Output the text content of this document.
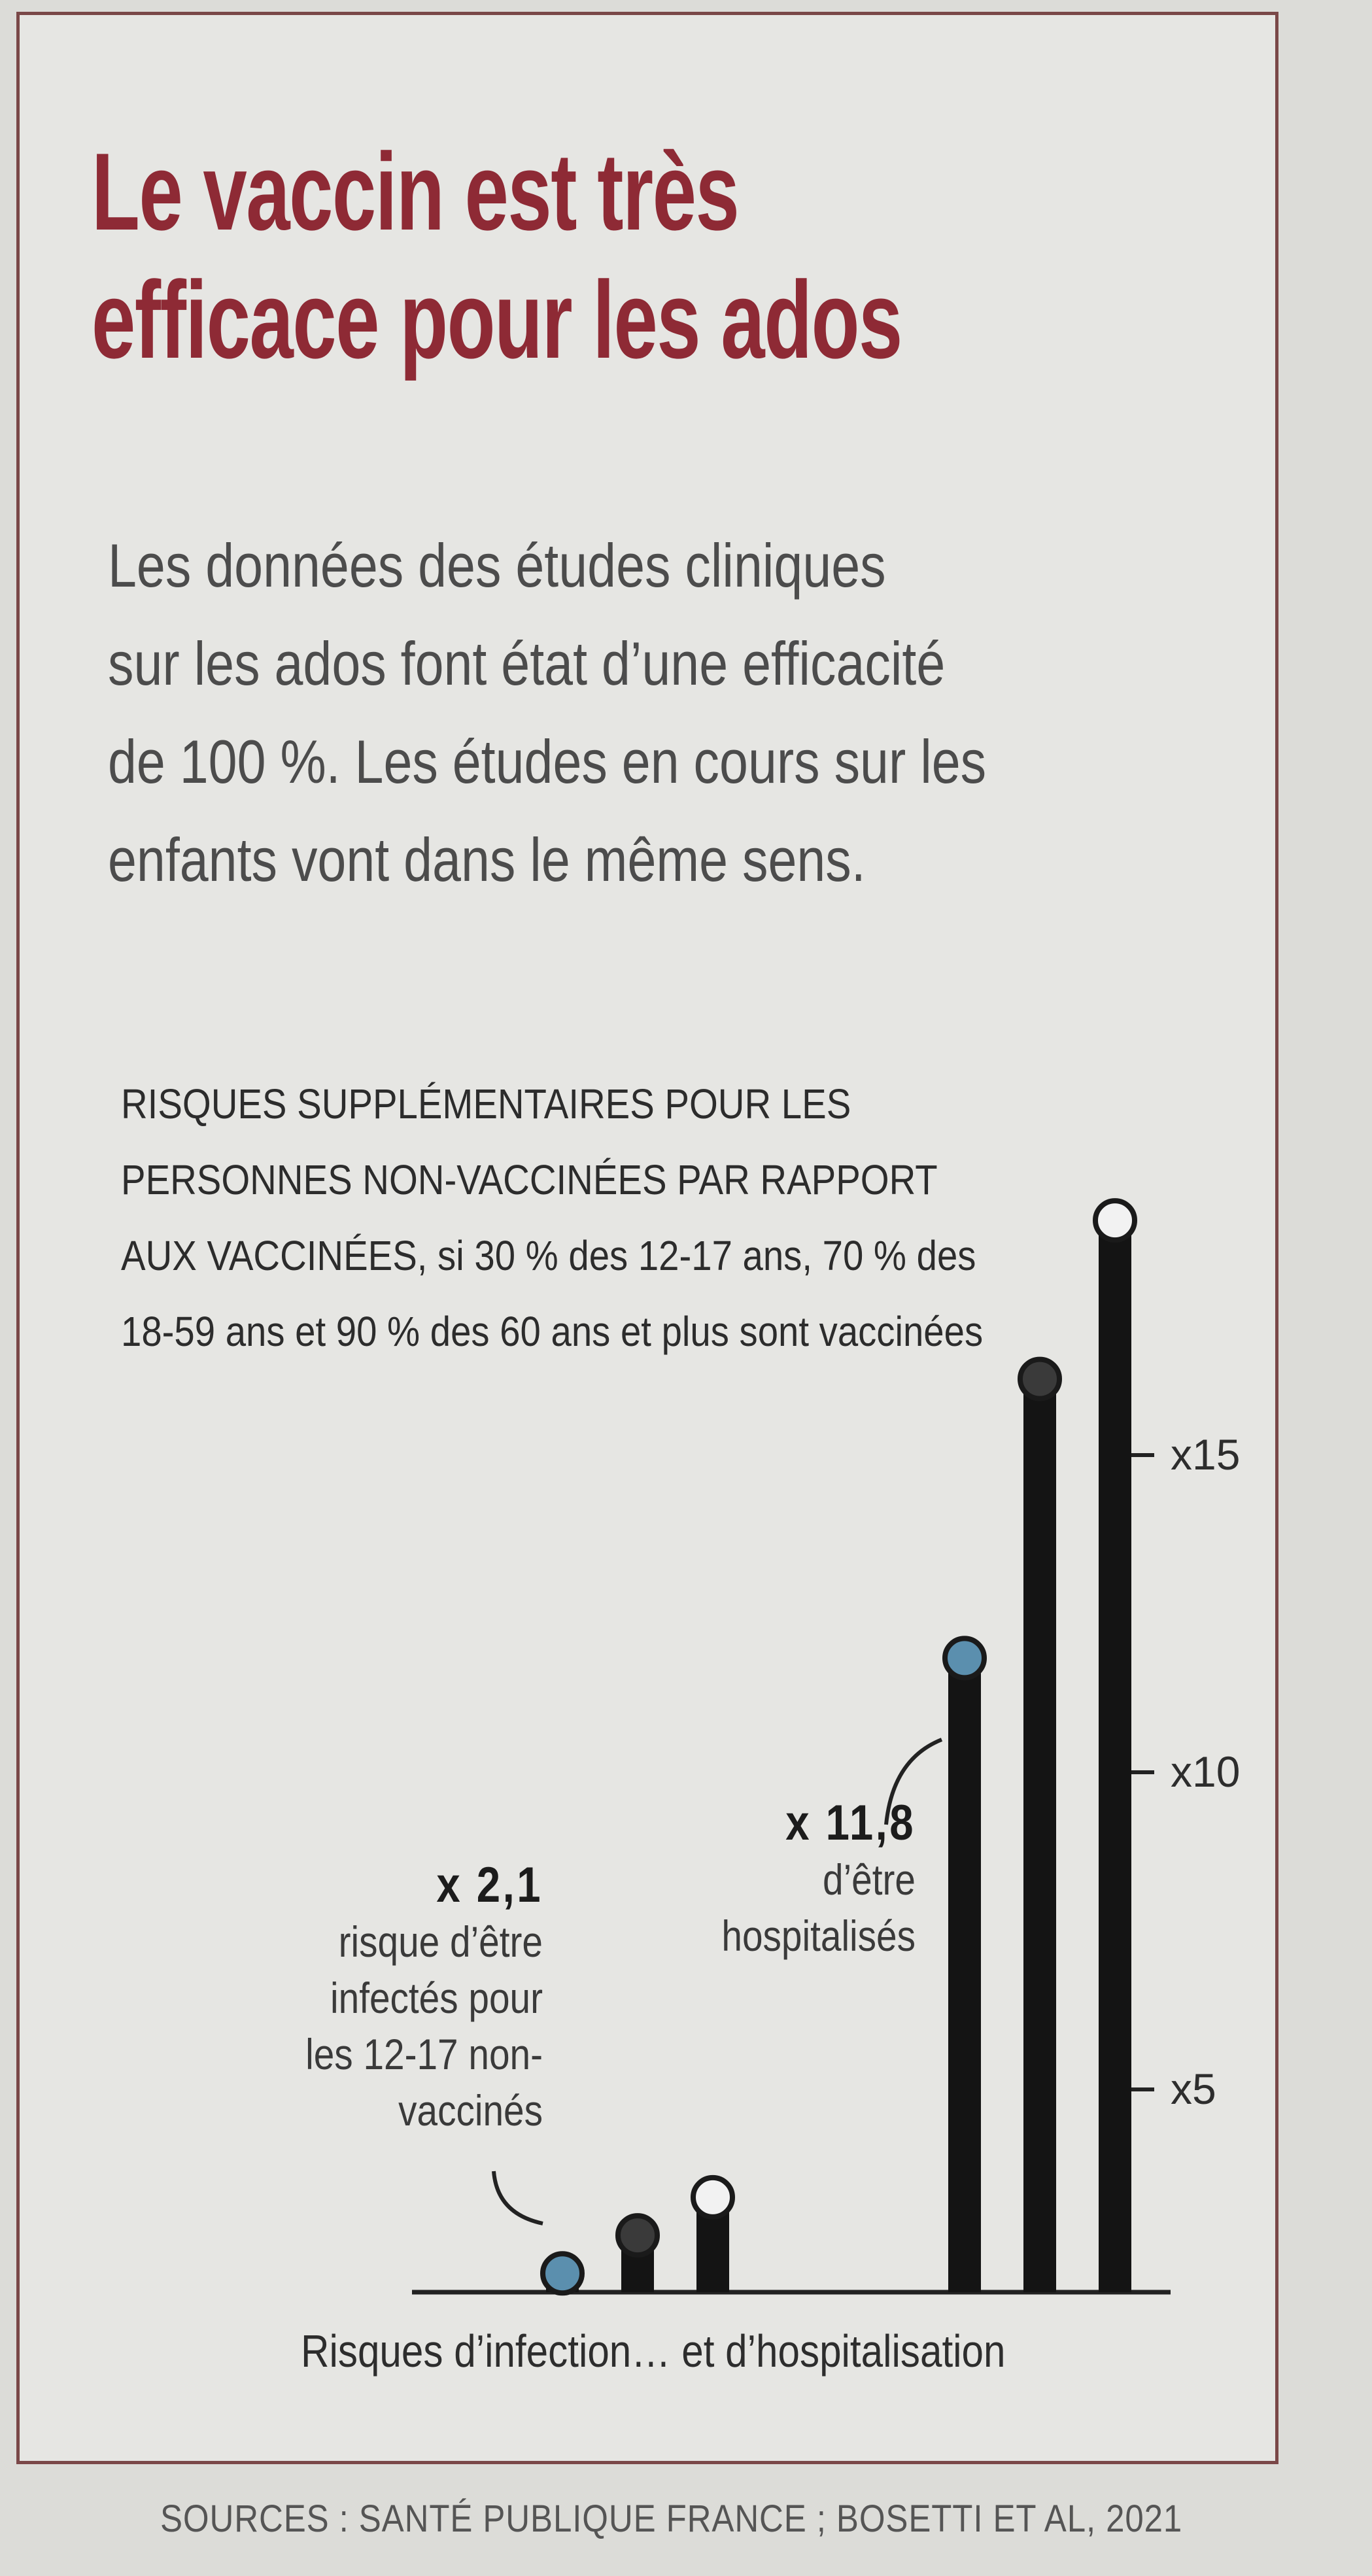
Le vaccin est très
efficace pour les ados
Les données des études cliniques
sur les ados font état d’une efficacité
de 100 %. Les études en cours sur les
enfants vont dans le même sens.
RISQUES SUPPLÉMENTAIRES POUR LES
PERSONNES NON-VACCINÉES PAR RAPPORT
AUX VACCINÉES, si 30 % des 12-17 ans, 70 % des
18-59 ans et 90 % des 60 ans et plus sont vaccinées
x5
x10
x15
x 2,1
risque d’être
infectés pour
les 12-17 non-
vaccinés
x 11,8
d’être
hospitalisés
Risques d’infection… et d’hospitalisation
SOURCES : SANTÉ PUBLIQUE FRANCE ; BOSETTI ET AL, 2021
